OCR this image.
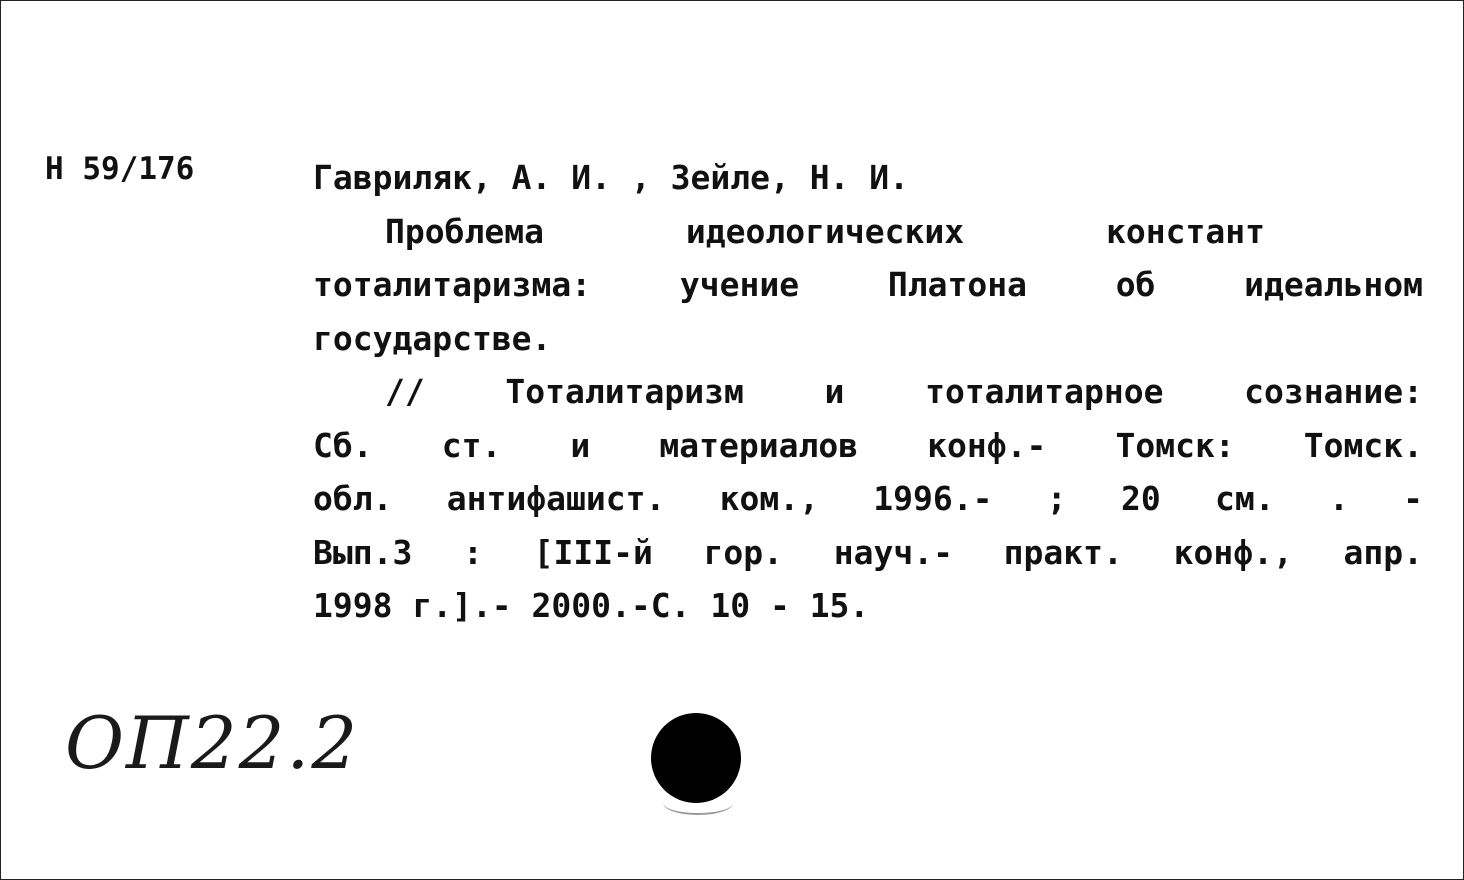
Н 59/176	Гавриляк, А. И. , Зейле, Н. И.
Проблема идеологических констант
тоталитаризма: учение Платона об идеальном
государстве.
// Тоталитаризм и тоталитарное сознание:
Сб. ст. и материалов конф.- Томск: Томск.
обл. антифашист. ком., 1996.- ; 20 см. . -
Вып.3 : [III-й гор. науч.- практ. конф., апр.
1998 г.].- 2000.-С. 10 - 15.
ОП22.2
